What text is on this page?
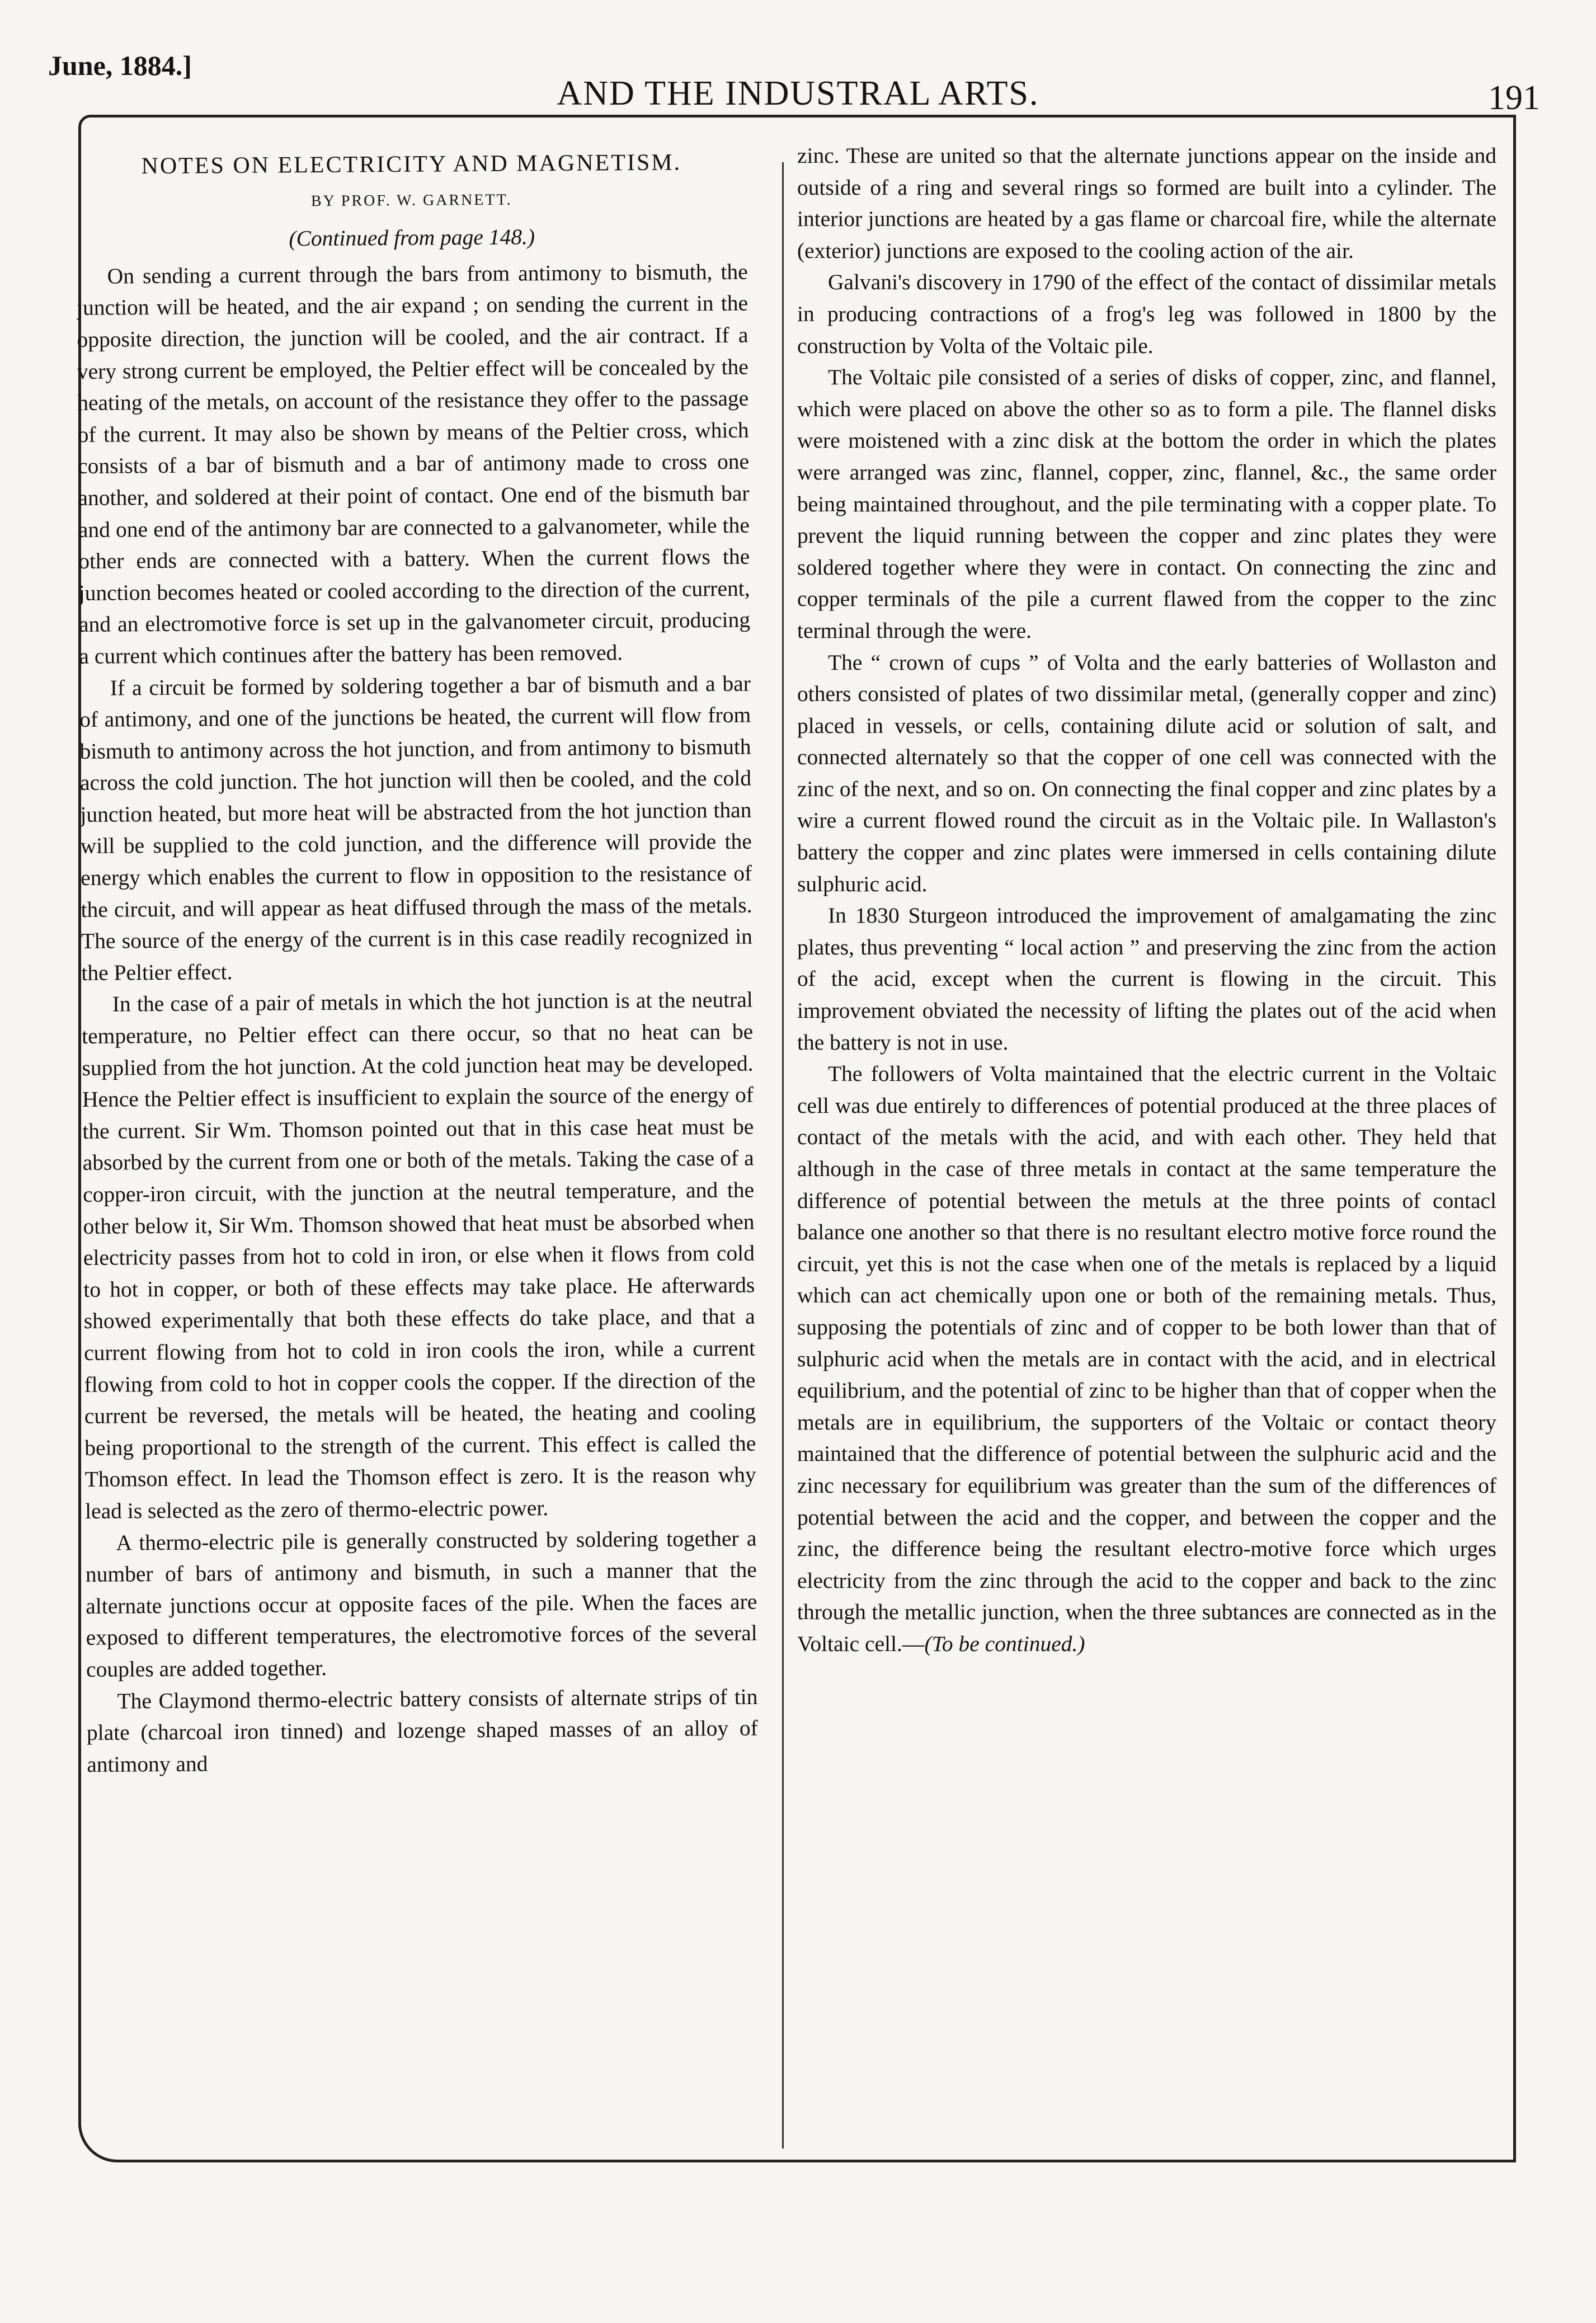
June, 1884.]
AND THE INDUSTRAL ARTS.	191
NOTES ON ELECTRICITY AND MAGNETISM.
BY PROF. W. GARNETT.
(Continued from page 148.)

On sending a current through the bars from antimony to bismuth, the junction will be heated, and the air expand ; on sending the current in the opposite direction, the junction will be cooled, and the air contract. If a very strong current be employed, the Peltier effect will be concealed by the heating of the metals, on account of the resistance they offer to the passage of the current. It may also be shown by means of the Peltier cross, which consists of a bar of bismuth and a bar of antimony made to cross one another, and soldered at their point of contact. One end of the bismuth bar and one end of the antimony bar are connected to a galvanometer, while the other ends are connected with a battery. When the current flows the junction becomes heated or cooled according to the direction of the current, and an electromotive force is set up in the galvanometer circuit, producing a current which continues after the battery has been removed.

If a circuit be formed by soldering together a bar of bismuth and a bar of antimony, and one of the junctions be heated, the current will flow from bismuth to antimony across the hot junction, and from antimony to bismuth across the cold junction. The hot junction will then be cooled, and the cold junction heated, but more heat will be abstracted from the hot junction than will be supplied to the cold junction, and the difference will provide the energy which enables the current to flow in opposition to the resistance of the circuit, and will appear as heat diffused through the mass of the metals. The source of the energy of the current is in this case readily recognized in the Peltier effect.

In the case of a pair of metals in which the hot junction is at the neutral temperature, no Peltier effect can there occur, so that no heat can be supplied from the hot junction. At the cold junction heat may be developed. Hence the Peltier effect is insufficient to explain the source of the energy of the current. Sir Wm. Thomson pointed out that in this case heat must be absorbed by the current from one or both of the metals. Taking the case of a copper-iron circuit, with the junction at the neutral temperature, and the other below it, Sir Wm. Thomson showed that heat must be absorbed when electricity passes from hot to cold in iron, or else when it flows from cold to hot in copper, or both of these effects may take place. He afterwards showed experimentally that both these effects do take place, and that a current flowing from hot to cold in iron cools the iron, while a current flowing from cold to hot in copper cools the copper. If the direction of the current be reversed, the metals will be heated, the heating and cooling being proportional to the strength of the current. This effect is called the Thomson effect. In lead the Thomson effect is zero. It is the reason why lead is selected as the zero of thermo-electric power.

A thermo-electric pile is generally constructed by soldering together a number of bars of antimony and bismuth, in such a manner that the alternate junctions occur at opposite faces of the pile. When the faces are exposed to different temperatures, the electromotive forces of the several couples are added together.

The Claymond thermo-electric battery consists of alternate strips of tin plate (charcoal iron tinned) and lozenge shaped masses of an alloy of antimony and

zinc. These are united so that the alternate junctions appear on the inside and outside of a ring and several rings so formed are built into a cylinder. The interior junctions are heated by a gas flame or charcoal fire, while the alternate (exterior) junctions are exposed to the cooling action of the air.

Galvani's discovery in 1790 of the effect of the contact of dissimilar metals in producing contractions of a frog's leg was followed in 1800 by the construction by Volta of the Voltaic pile.

The Voltaic pile consisted of a series of disks of copper, zinc, and flannel, which were placed on above the other so as to form a pile. The flannel disks were moistened with a zinc disk at the bottom the order in which the plates were arranged was zinc, flannel, copper, zinc, flannel, &c., the same order being maintained throughout, and the pile terminating with a copper plate. To prevent the liquid running between the copper and zinc plates they were soldered together where they were in contact. On connecting the zinc and copper terminals of the pile a current flawed from the copper to the zinc terminal through the were.

The “ crown of cups ” of Volta and the early batteries of Wollaston and others consisted of plates of two dissimilar metal, (generally copper and zinc) placed in vessels, or cells, containing dilute acid or solution of salt, and connected alternately so that the copper of one cell was connected with the zinc of the next, and so on. On connecting the final copper and zinc plates by a wire a current flowed round the circuit as in the Voltaic pile. In Wallaston's battery the copper and zinc plates were immersed in cells containing dilute sulphuric acid.

In 1830 Sturgeon introduced the improvement of amalgamating the zinc plates, thus preventing “ local action ” and preserving the zinc from the action of the acid, except when the current is flowing in the circuit. This improvement obviated the necessity of lifting the plates out of the acid when the battery is not in use.

The followers of Volta maintained that the electric current in the Voltaic cell was due entirely to differences of potential produced at the three places of contact of the metals with the acid, and with each other. They held that although in the case of three metals in contact at the same temperature the difference of potential between the metuls at the three points of contacl balance one another so that there is no resultant electro motive force round the circuit, yet this is not the case when one of the metals is replaced by a liquid which can act chemically upon one or both of the remaining metals. Thus, supposing the potentials of zinc and of copper to be both lower than that of sulphuric acid when the metals are in contact with the acid, and in electrical equilibrium, and the potential of zinc to be higher than that of copper when the metals are in equilibrium, the supporters of the Voltaic or contact theory maintained that the difference of potential between the sulphuric acid and the zinc necessary for equilibrium was greater than the sum of the differences of potential between the acid and the copper, and between the copper and the zinc, the difference being the resultant electro-motive force which urges electricity from the zinc through the acid to the copper and back to the zinc through the metallic junction, when the three subtances are connected as in the Voltaic cell.—(To be continued.)
